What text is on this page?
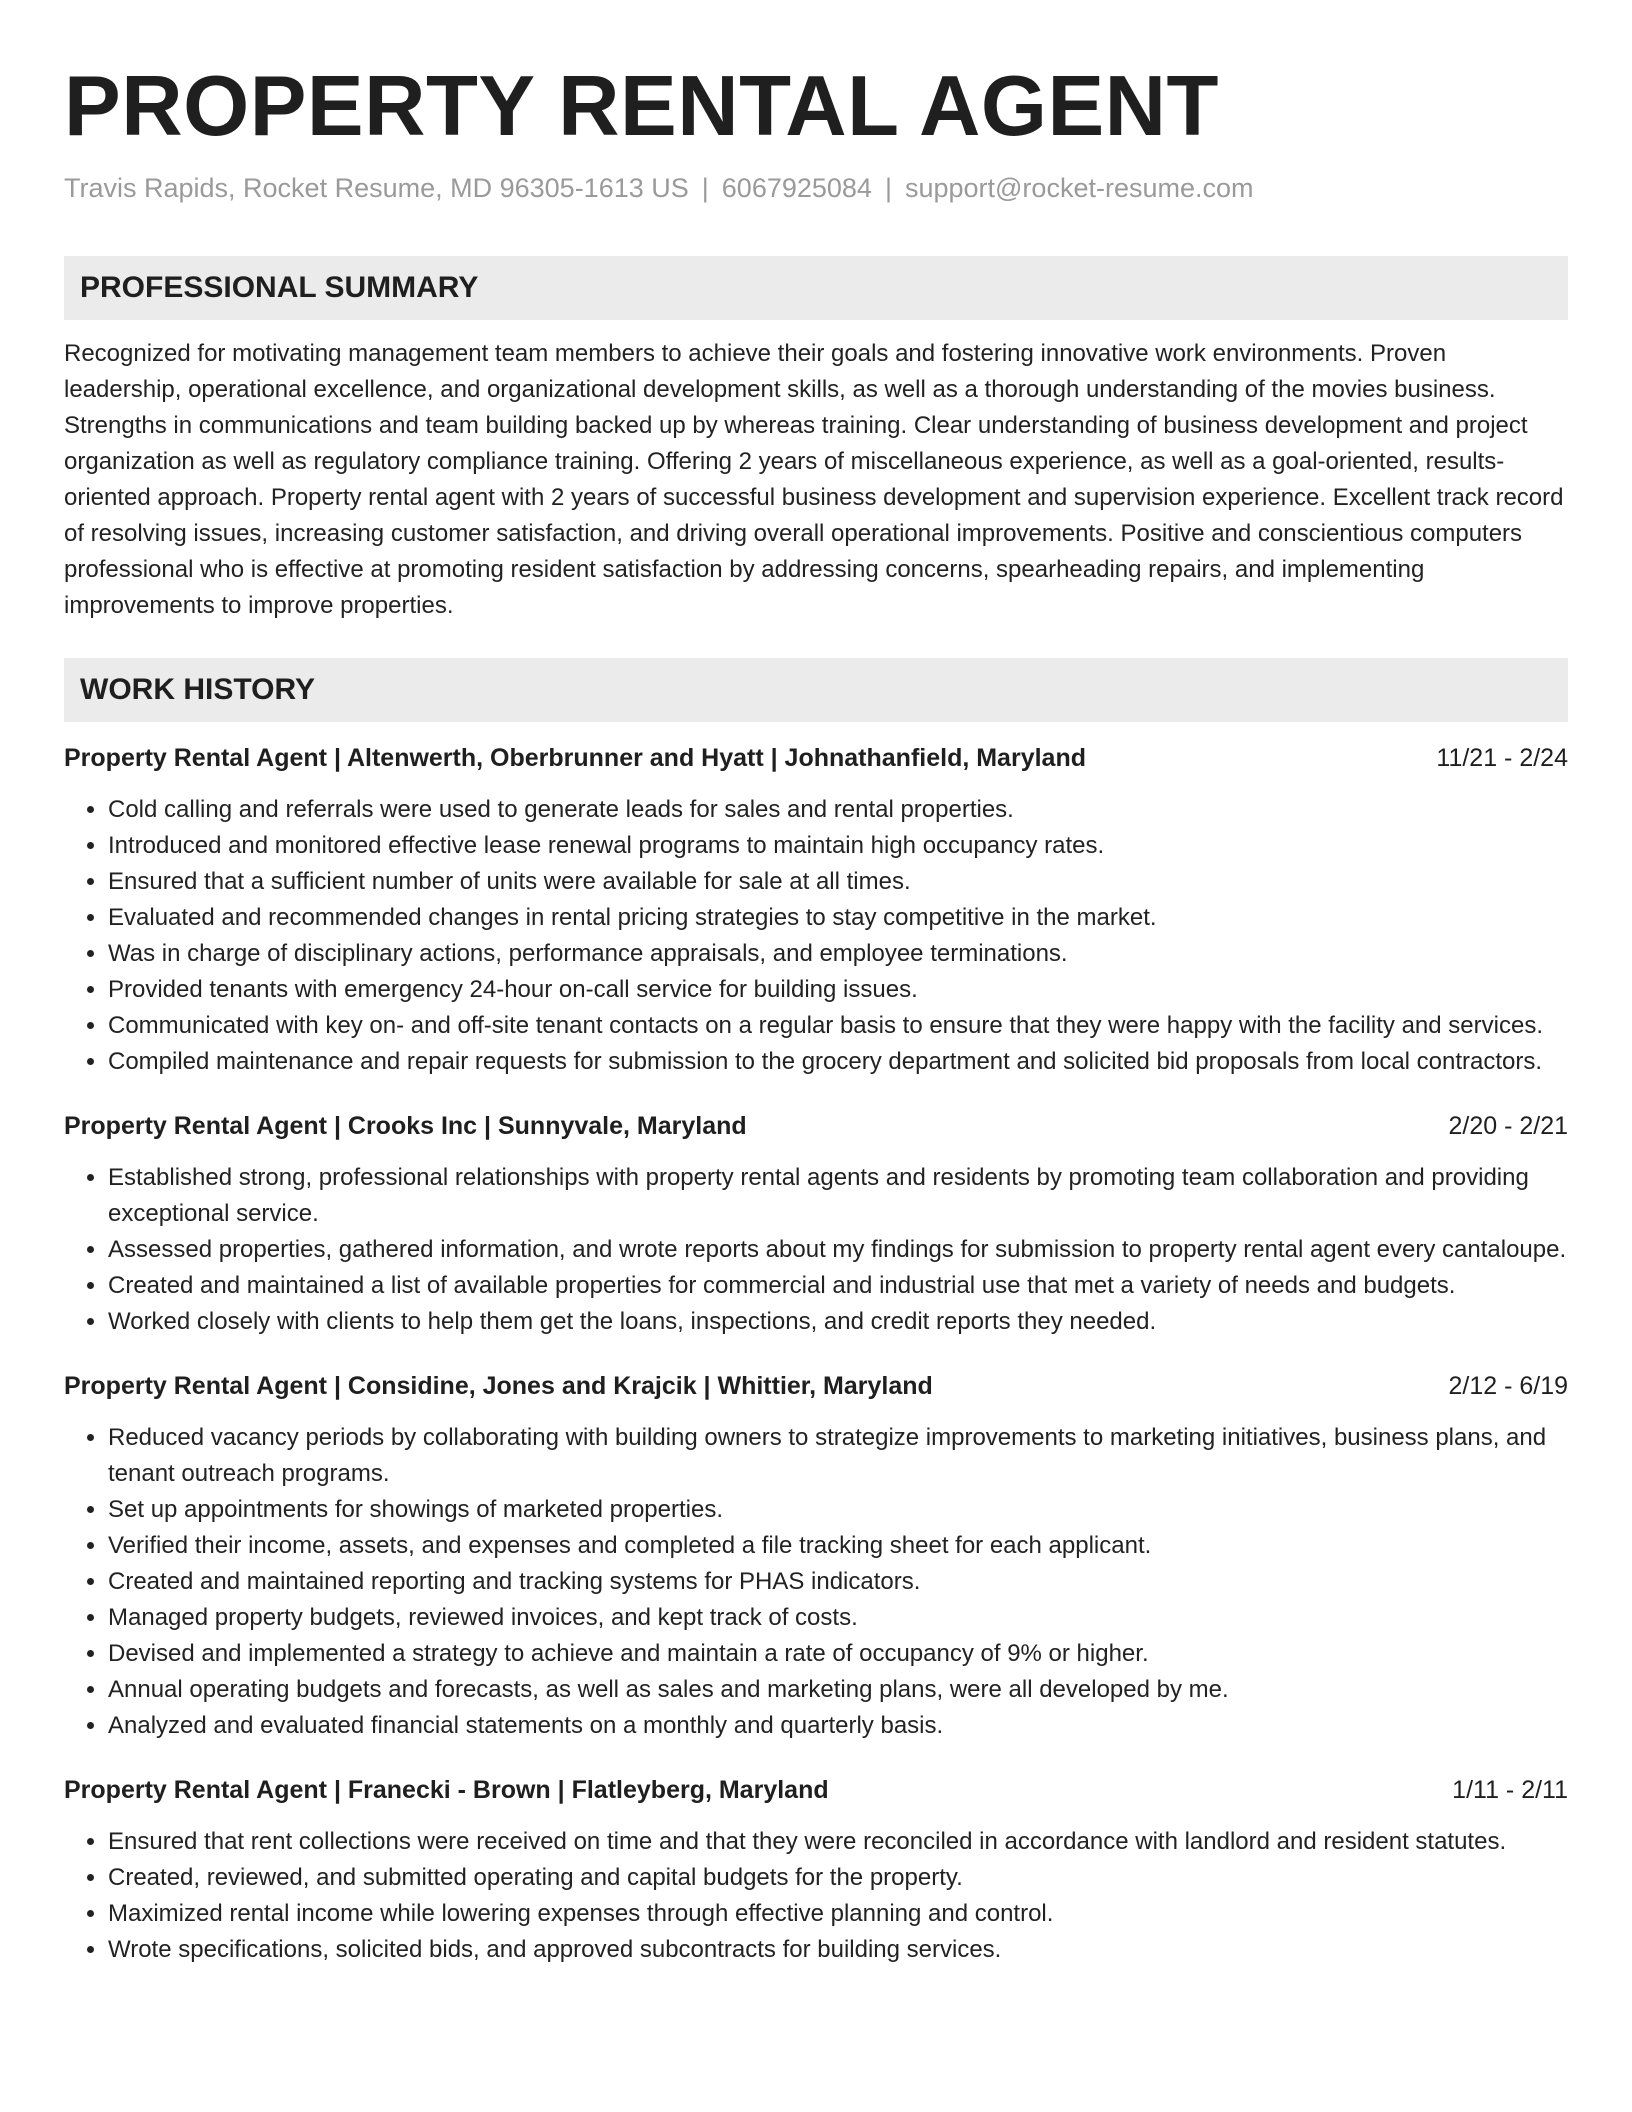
PROPERTY RENTAL AGENT
Travis Rapids, Rocket Resume, MD 96305-1613 US | 6067925084 | support@rocket-resume.com
PROFESSIONAL SUMMARY

Recognized for motivating management team members to achieve their goals and fostering innovative work environments. Proven leadership, operational excellence, and organizational development skills, as well as a thorough understanding of the movies business. Strengths in communications and team building backed up by whereas training. Clear understanding of business development and project organization as well as regulatory compliance training. Offering 2 years of miscellaneous experience, as well as a goal-oriented, results-oriented approach. Property rental agent with 2 years of successful business development and supervision experience. Excellent track record of resolving issues, increasing customer satisfaction, and driving overall operational improvements. Positive and conscientious computers professional who is effective at promoting resident satisfaction by addressing concerns, spearheading repairs, and implementing improvements to improve properties.

WORK HISTORY
Property Rental Agent | Altenwerth, Oberbrunner and Hyatt | Johnathanfield, Maryland	11/21 - 2/24
• Cold calling and referrals were used to generate leads for sales and rental properties.
• Introduced and monitored effective lease renewal programs to maintain high occupancy rates.
• Ensured that a sufficient number of units were available for sale at all times.
• Evaluated and recommended changes in rental pricing strategies to stay competitive in the market.
• Was in charge of disciplinary actions, performance appraisals, and employee terminations.
• Provided tenants with emergency 24-hour on-call service for building issues.
• Communicated with key on- and off-site tenant contacts on a regular basis to ensure that they were happy with the facility and services.
• Compiled maintenance and repair requests for submission to the grocery department and solicited bid proposals from local contractors.
Property Rental Agent | Crooks Inc | Sunnyvale, Maryland	2/20 - 2/21
• Established strong, professional relationships with property rental agents and residents by promoting team collaboration and providing exceptional service.
• Assessed properties, gathered information, and wrote reports about my findings for submission to property rental agent every cantaloupe.
• Created and maintained a list of available properties for commercial and industrial use that met a variety of needs and budgets.
• Worked closely with clients to help them get the loans, inspections, and credit reports they needed.
Property Rental Agent | Considine, Jones and Krajcik | Whittier, Maryland	2/12 - 6/19
• Reduced vacancy periods by collaborating with building owners to strategize improvements to marketing initiatives, business plans, and tenant outreach programs.
• Set up appointments for showings of marketed properties.
• Verified their income, assets, and expenses and completed a file tracking sheet for each applicant.
• Created and maintained reporting and tracking systems for PHAS indicators.
• Managed property budgets, reviewed invoices, and kept track of costs.
• Devised and implemented a strategy to achieve and maintain a rate of occupancy of 9% or higher.
• Annual operating budgets and forecasts, as well as sales and marketing plans, were all developed by me.
• Analyzed and evaluated financial statements on a monthly and quarterly basis.
Property Rental Agent | Franecki - Brown | Flatleyberg, Maryland	1/11 - 2/11
• Ensured that rent collections were received on time and that they were reconciled in accordance with landlord and resident statutes.
• Created, reviewed, and submitted operating and capital budgets for the property.
• Maximized rental income while lowering expenses through effective planning and control.
• Wrote specifications, solicited bids, and approved subcontracts for building services.
